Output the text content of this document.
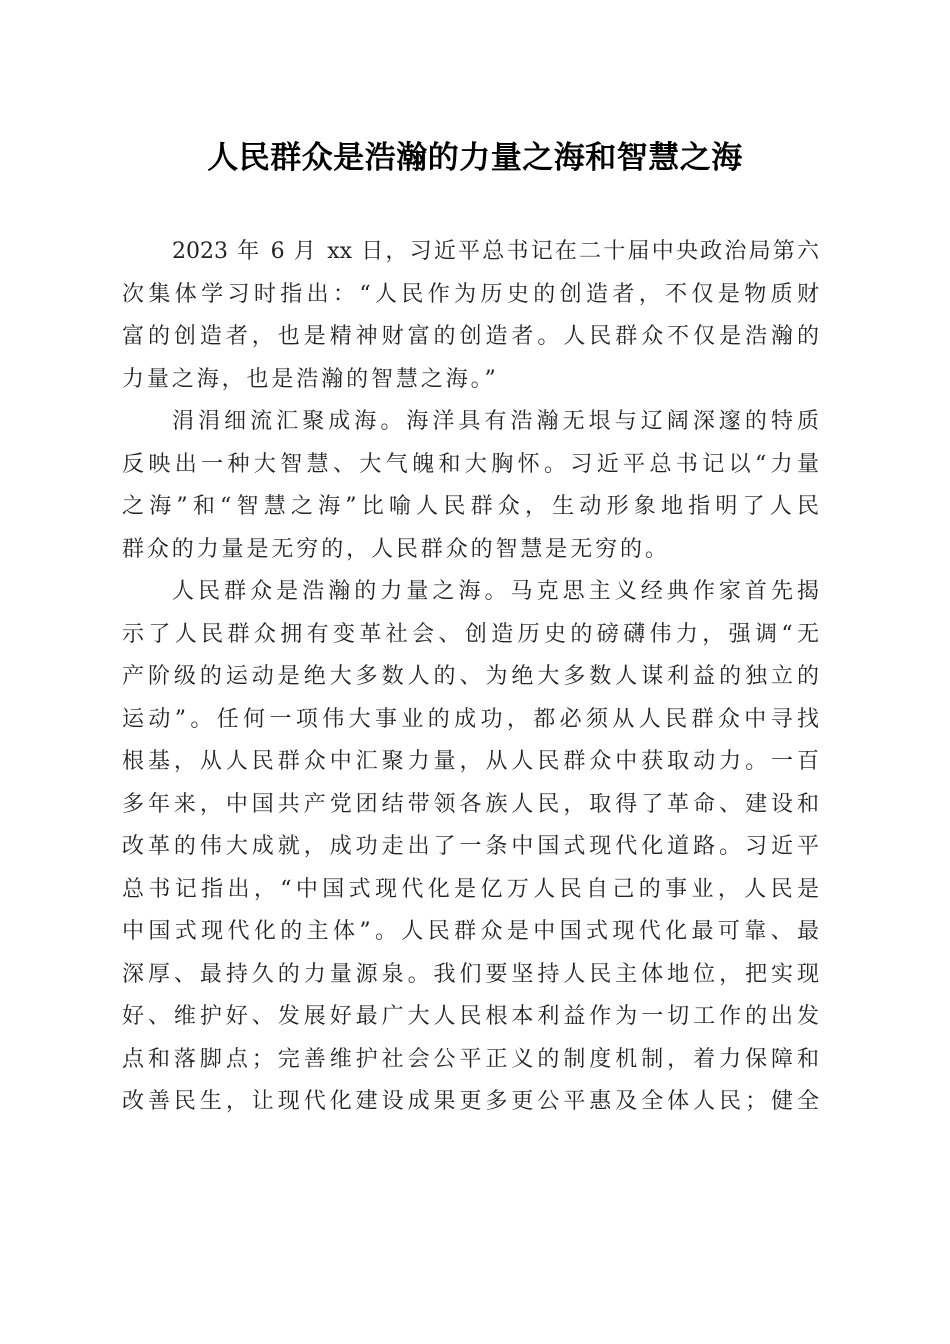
人民群众是浩瀚的力量之海和智慧之海
2023 年 6 月 xx 日，习近平总书记在二十届中央政治局第六
次集体学习时指出：“人民作为历史的创造者，不仅是物质财
富的创造者，也是精神财富的创造者。人民群众不仅是浩瀚的
力量之海，也是浩瀚的智慧之海。”
涓涓细流汇聚成海。海洋具有浩瀚无垠与辽阔深邃的特质
反映出一种大智慧、大气魄和大胸怀。习近平总书记以“力量
之海”和“智慧之海”比喻人民群众，生动形象地指明了人民
群众的力量是无穷的，人民群众的智慧是无穷的。
人民群众是浩瀚的力量之海。马克思主义经典作家首先揭
示了人民群众拥有变革社会、创造历史的磅礴伟力，强调“无
产阶级的运动是绝大多数人的、为绝大多数人谋利益的独立的
运动”。任何一项伟大事业的成功，都必须从人民群众中寻找
根基，从人民群众中汇聚力量，从人民群众中获取动力。一百
多年来，中国共产党团结带领各族人民，取得了革命、建设和
改革的伟大成就，成功走出了一条中国式现代化道路。习近平
总书记指出，“中国式现代化是亿万人民自己的事业，人民是
中国式现代化的主体”。人民群众是中国式现代化最可靠、最
深厚、最持久的力量源泉。我们要坚持人民主体地位，把实现
好、维护好、发展好最广大人民根本利益作为一切工作的出发
点和落脚点；完善维护社会公平正义的制度机制，着力保障和
改善民生，让现代化建设成果更多更公平惠及全体人民；健全
